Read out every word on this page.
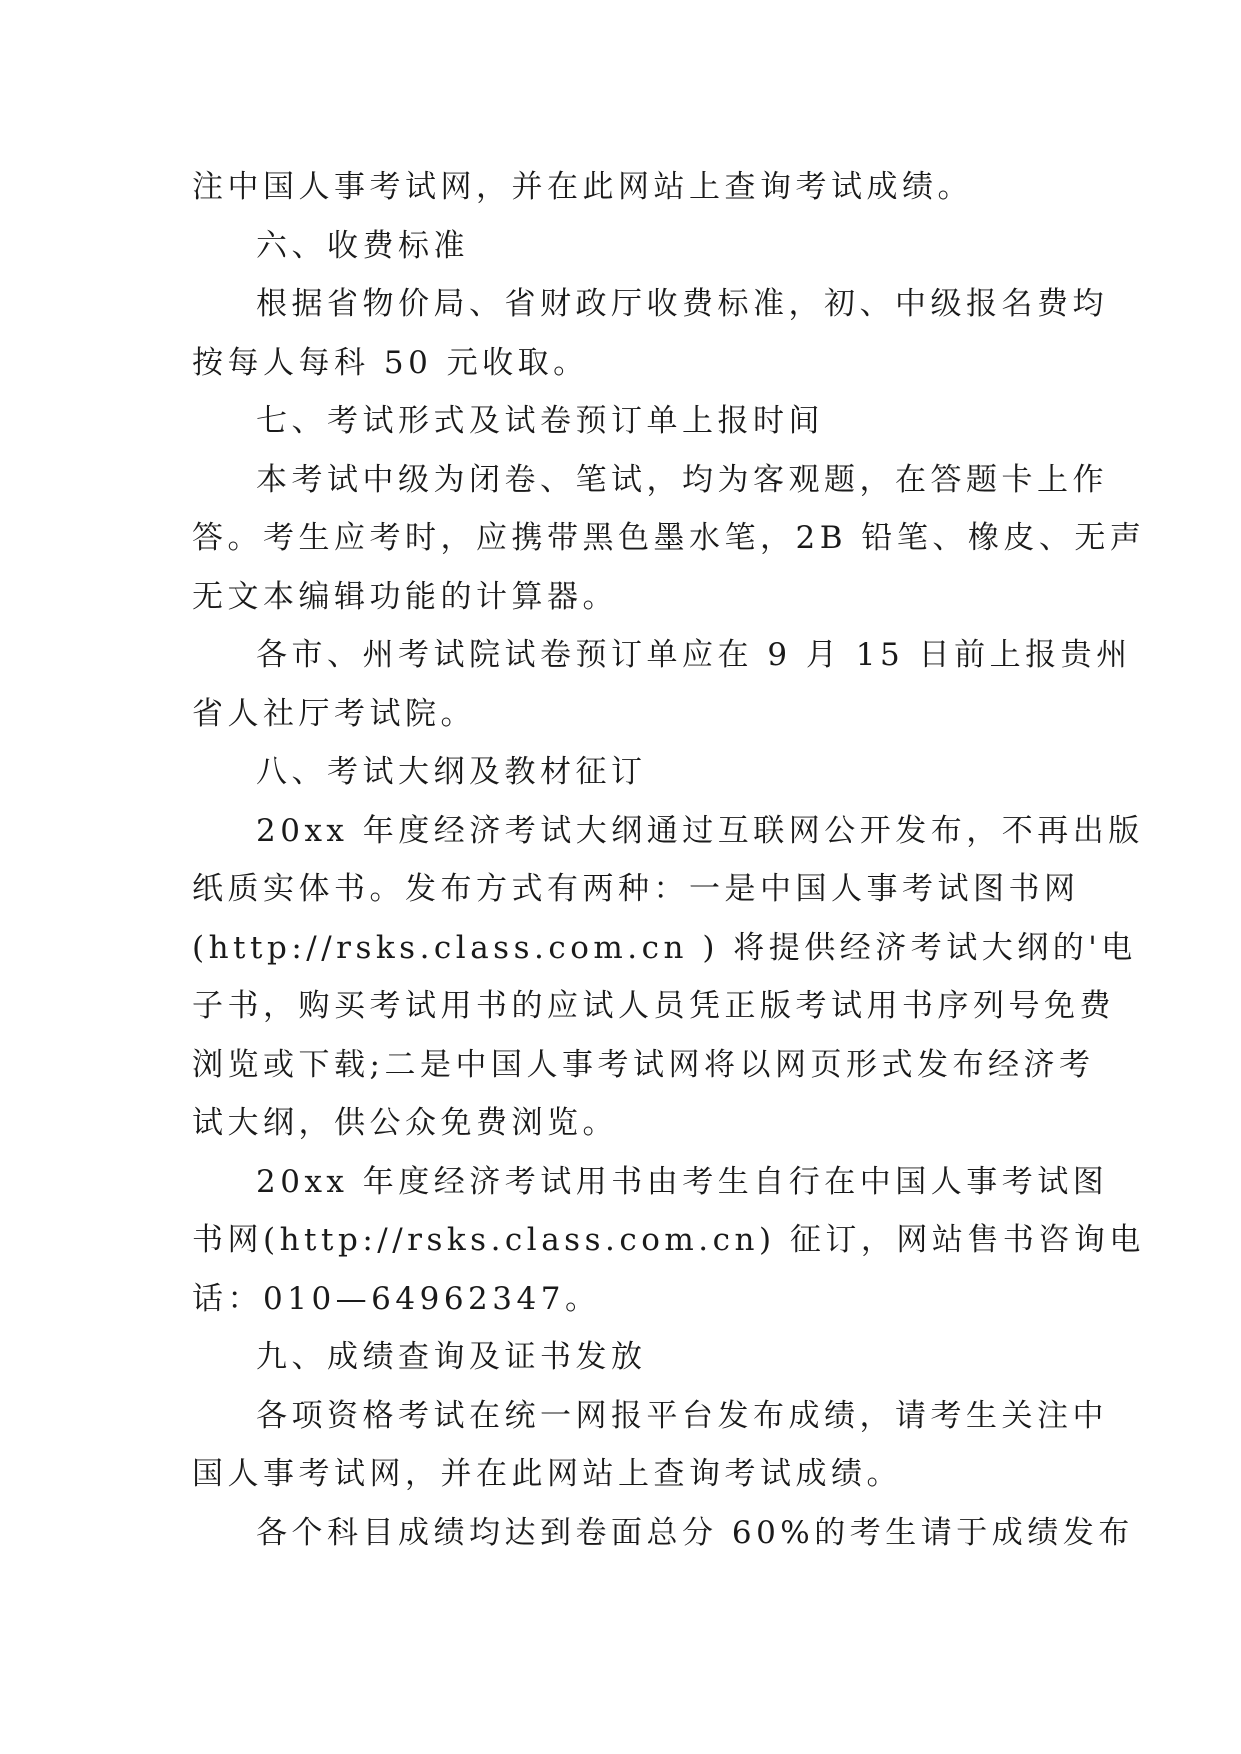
注中国人事考试网，并在此网站上查询考试成绩。
六、收费标准
根据省物价局、省财政厅收费标准，初、中级报名费均
按每人每科 50 元收取。
七、考试形式及试卷预订单上报时间
本考试中级为闭卷、笔试，均为客观题，在答题卡上作
答。考生应考时，应携带黑色墨水笔，2B 铅笔、橡皮、无声
无文本编辑功能的计算器。
各市、州考试院试卷预订单应在 9 月 15 日前上报贵州
省人社厅考试院。
八、考试大纲及教材征订
20xx 年度经济考试大纲通过互联网公开发布，不再出版
纸质实体书。发布方式有两种：一是中国人事考试图书网
(http://rsks.class.com.cn ) 将提供经济考试大纲的'电
子书，购买考试用书的应试人员凭正版考试用书序列号免费
浏览或下载;二是中国人事考试网将以网页形式发布经济考
试大纲，供公众免费浏览。
20xx 年度经济考试用书由考生自行在中国人事考试图
书网(http://rsks.class.com.cn) 征订，网站售书咨询电
话：010—64962347。
九、成绩查询及证书发放
各项资格考试在统一网报平台发布成绩，请考生关注中
国人事考试网，并在此网站上查询考试成绩。
各个科目成绩均达到卷面总分 60%的考生请于成绩发布
